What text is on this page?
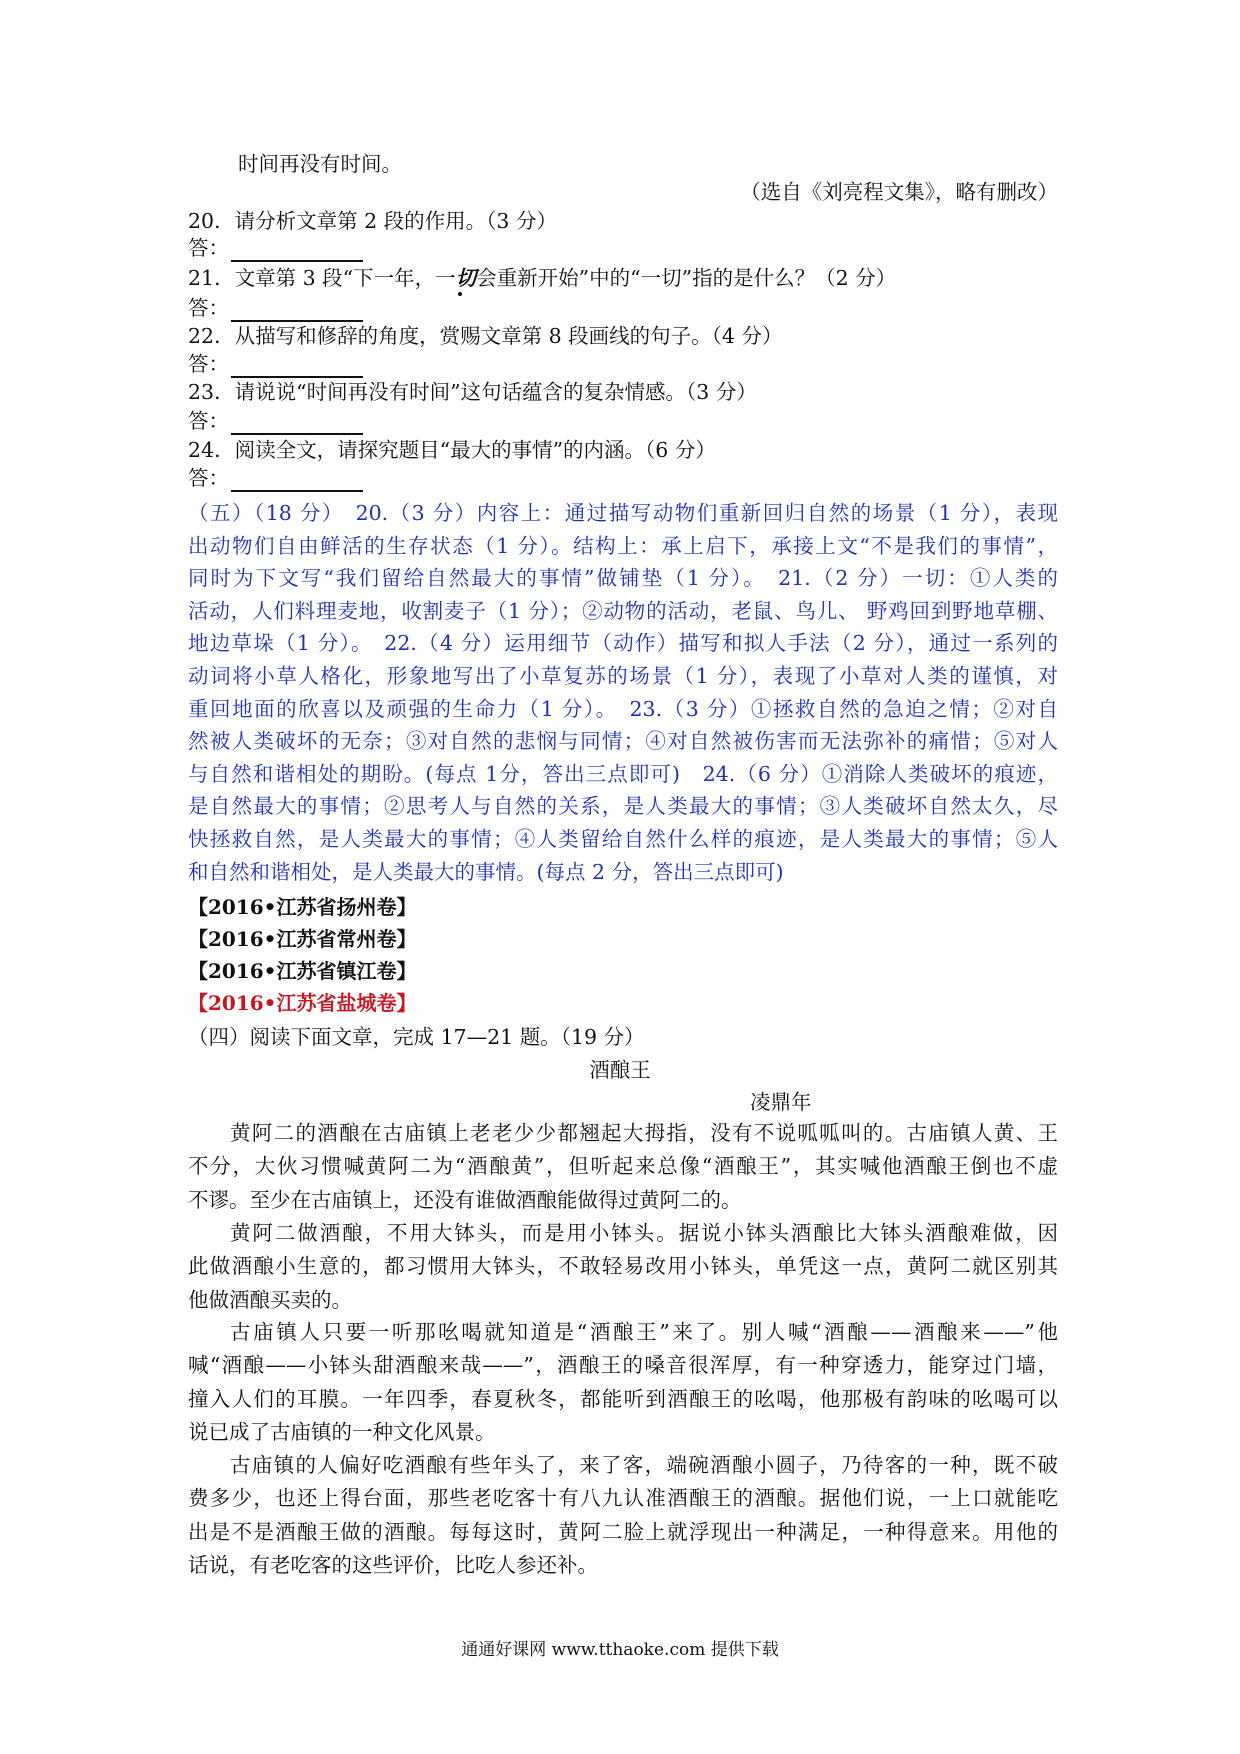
时间再没有时间。
（选自《刘亮程文集》，略有删改）
20．请分析文章第 2 段的作用。（3 分）
答：
21．文章第 3 段“下一年，一切会重新开始”中的“一切”指的是什么？（2 分）
答：
22．从描写和修辞的角度，赏赐文章第 8 段画线的句子。（4 分）
答：
23．请说说“时间再没有时间”这句话蕴含的复杂情感。（3 分）
答：
24．阅读全文，请探究题目“最大的事情”的内涵。（6 分）
答：
（五）（18 分）　20.（3 分）内容上：通过描写动物们重新回归自然的场景（1 分），表现
出动物们自由鲜活的生存状态（1 分）。结构上：承上启下，承接上文“不是我们的事情”，
同时为下文写“我们留给自然最大的事情”做铺垫（1 分）。　21.（2 分）一切：①人类的
活动，人们料理麦地，收割麦子（1 分）；②动物的活动，老鼠、鸟儿、 野鸡回到野地草棚、
地边草垛（1 分）。　22.（4 分）运用细节（动作）描写和拟人手法（2 分），通过一系列的
动词将小草人格化，形象地写出了小草复苏的场景（1 分），表现了小草对人类的谨慎，对
重回地面的欣喜以及顽强的生命力（1 分）。　23.（3 分）①拯救自然的急迫之情；②对自
然被人类破坏的无奈；③对自然的悲悯与同情；④对自然被伤害而无法弥补的痛惜；⑤对人
与自然和谐相处的期盼。(每点 1分，答出三点即可)　24.（6 分）①消除人类破坏的痕迹，
是自然最大的事情；②思考人与自然的关系，是人类最大的事情；③人类破坏自然太久，尽
快拯救自然，是人类最大的事情；④人类留给自然什么样的痕迹，是人类最大的事情；⑤人
和自然和谐相处，是人类最大的事情。(每点 2 分，答出三点即可)
【2016•江苏省扬州卷】
【2016•江苏省常州卷】
【2016•江苏省镇江卷】
【2016•江苏省盐城卷】
（四）阅读下面文章，完成 17—21 题。（19 分）
酒酿王
凌鼎年
黄阿二的酒酿在古庙镇上老老少少都翘起大拇指，没有不说呱呱叫的。古庙镇人黄、王
不分，大伙习惯喊黄阿二为“酒酿黄”，但听起来总像“酒酿王”，其实喊他酒酿王倒也不虚
不谬。至少在古庙镇上，还没有谁做酒酿能做得过黄阿二的。
黄阿二做酒酿，不用大钵头，而是用小钵头。据说小钵头酒酿比大钵头酒酿难做，因
此做酒酿小生意的，都习惯用大钵头，不敢轻易改用小钵头，单凭这一点，黄阿二就区别其
他做酒酿买卖的。
古庙镇人只要一听那吆喝就知道是“酒酿王”来了。别人喊“酒酿——酒酿来——”他
喊“酒酿——小钵头甜酒酿来哉——”，酒酿王的嗓音很浑厚，有一种穿透力，能穿过门墙，
撞入人们的耳膜。一年四季，春夏秋冬，都能听到酒酿王的吆喝，他那极有韵味的吆喝可以
说已成了古庙镇的一种文化风景。
古庙镇的人偏好吃酒酿有些年头了，来了客，端碗酒酿小圆子，乃待客的一种，既不破
费多少，也还上得台面，那些老吃客十有八九认准酒酿王的酒酿。据他们说，一上口就能吃
出是不是酒酿王做的酒酿。每每这时，黄阿二脸上就浮现出一种满足，一种得意来。用他的
话说，有老吃客的这些评价，比吃人参还补。
通通好课网 www.tthaoke.com 提供下载
